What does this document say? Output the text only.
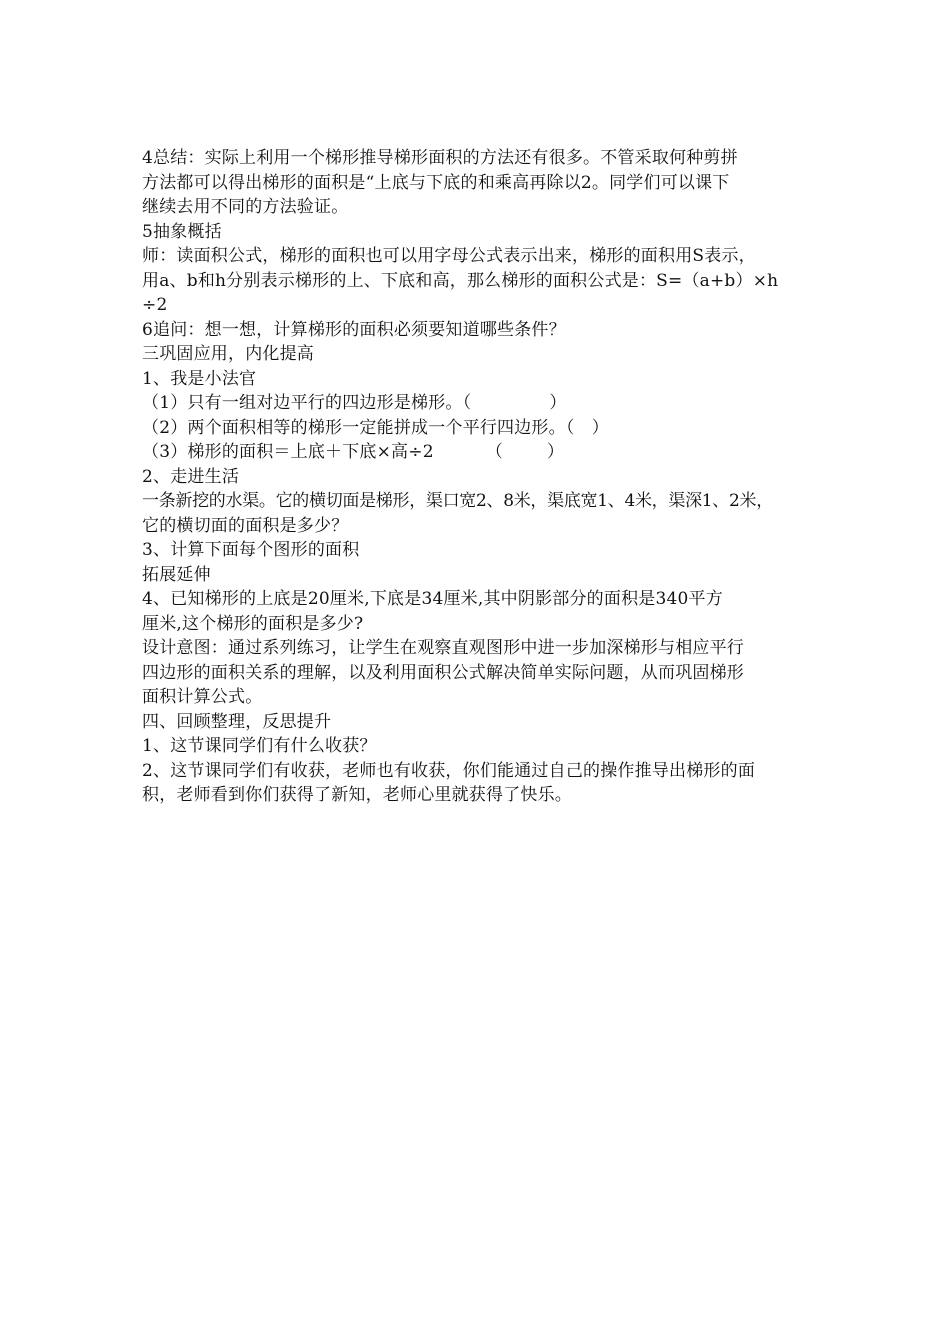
4总结：实际上利用一个梯形推导梯形面积的方法还有很多。不管采取何种剪拼
方法都可以得出梯形的面积是“上底与下底的和乘高再除以2。同学们可以课下
继续去用不同的方法验证。
5抽象概括
师：读面积公式，梯形的面积也可以用字母公式表示出来，梯形的面积用S表示，
用a、b和h分别表示梯形的上、下底和高，那么梯形的面积公式是：S=（a+b）×h
÷2
6追问：想一想，计算梯形的面积必须要知道哪些条件？
三巩固应用，内化提高
1、我是小法官
（1）只有一组对边平行的四边形是梯形。（	）
（2）两个面积相等的梯形一定能拼成一个平行四边形。（　）
（3）梯形的面积＝上底＋下底×高÷2	（	）
2、走进生活
一条新挖的水渠。它的横切面是梯形，渠口宽2、8米，渠底宽1、4米，渠深1、2米，
它的横切面的面积是多少？
3、计算下面每个图形的面积
拓展延伸
4、已知梯形的上底是20厘米,下底是34厘米,其中阴影部分的面积是340平方
厘米,这个梯形的面积是多少?
设计意图：通过系列练习，让学生在观察直观图形中进一步加深梯形与相应平行
四边形的面积关系的理解，以及利用面积公式解决简单实际问题，从而巩固梯形
面积计算公式。
四、回顾整理，反思提升
1、这节课同学们有什么收获？
2、这节课同学们有收获，老师也有收获，你们能通过自己的操作推导出梯形的面
积，老师看到你们获得了新知，老师心里就获得了快乐。
